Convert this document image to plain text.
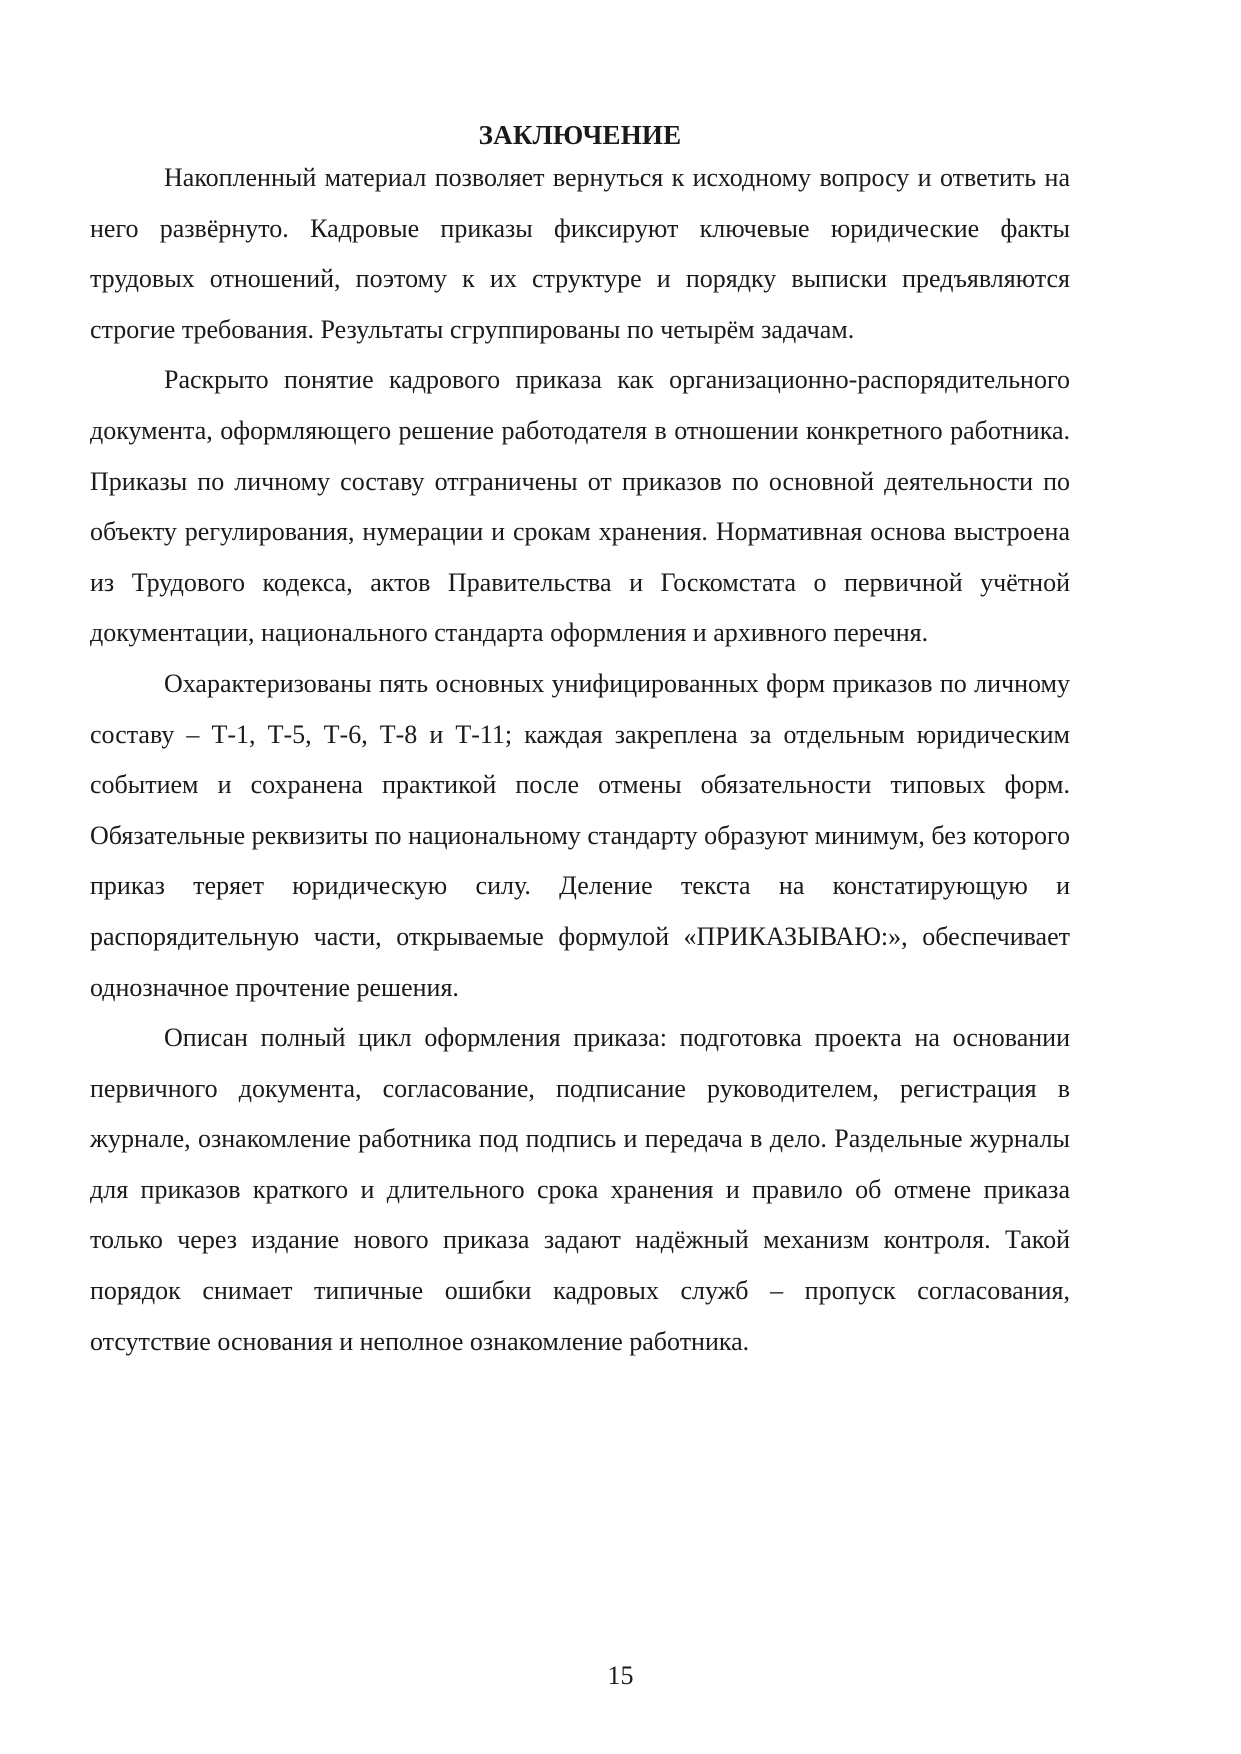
ЗАКЛЮЧЕНИЕ

Накопленный материал позволяет вернуться к исходному вопросу и ответить на него развёрнуто. Кадровые приказы фиксируют ключевые юридические факты трудовых отношений, поэтому к их структуре и порядку выписки предъявляются строгие требования. Результаты сгруппированы по четырём задачам.

Раскрыто понятие кадрового приказа как организационно-распорядительного документа, оформляющего решение работодателя в отношении конкретного работника. Приказы по личному составу отграничены от приказов по основной деятельности по объекту регулирования, нумерации и срокам хранения. Нормативная основа выстроена из Трудового кодекса, актов Правительства и Госкомстата о первичной учётной документации, национального стандарта оформления и архивного перечня.

Охарактеризованы пять основных унифицированных форм приказов по личному составу – Т-1, Т-5, Т-6, Т-8 и Т-11; каждая закреплена за отдельным юридическим событием и сохранена практикой после отмены обязательности типовых форм. Обязательные реквизиты по национальному стандарту образуют минимум, без которого приказ теряет юридическую силу. Деление текста на констатирующую и распорядительную части, открываемые формулой «ПРИКАЗЫВАЮ:», обеспечивает однозначное прочтение решения.

Описан полный цикл оформления приказа: подготовка проекта на основании первичного документа, согласование, подписание руководителем, регистрация в журнале, ознакомление работника под подпись и передача в дело. Раздельные журналы для приказов краткого и длительного срока хранения и правило об отмене приказа только через издание нового приказа задают надёжный механизм контроля. Такой порядок снимает типичные ошибки кадровых служб – пропуск согласования, отсутствие основания и неполное ознакомление работника.

15
